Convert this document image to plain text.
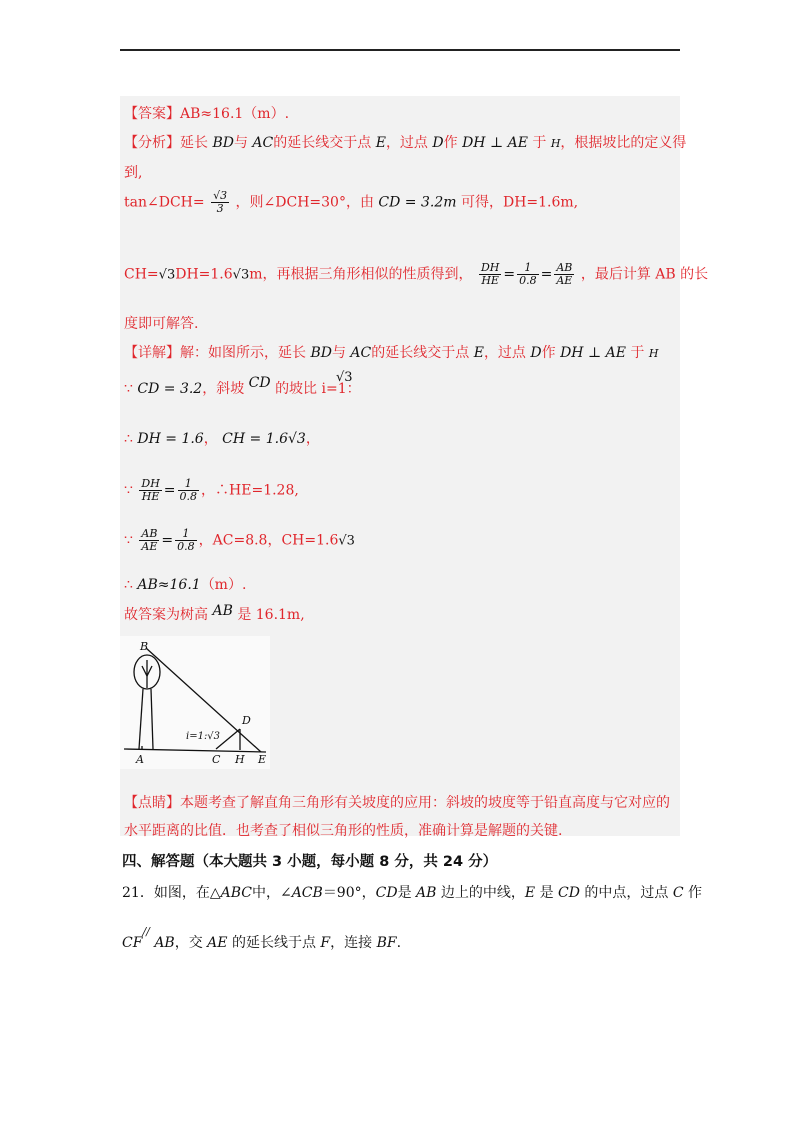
【答案】AB≈16.1（m）.
【分析】延长 BD与 AC的延长线交于点 E，过点 D作 DH ⊥ AE 于 H，根据坡比的定义得
到,
tan∠DCH= $\frac{√3}{3}$ ，则∠DCH=30°，由 CD = 3.2m 可得，DH=1.6m,
CH=√3DH=1.6√3m，再根据三角形相似的性质得到， $\frac{DH}{HE} = \frac{1}{0.8} = \frac{AB}{AE}$ ，最后计算 AB 的长
度即可解答.
【详解】解：如图所示，延长 BD与 AC的延长线交于点 E，过点 D作 DH ⊥ AE 于 H
∵ CD = 3.2，斜坡 CD 的坡比 i=1：
√3
∴ DH = 1.6， CH = 1.6√3，
∵ $\frac{DH}{HE} = \frac{1}{0.8}$ ，∴HE=1.28,
∵ $\frac{AB}{AE} = \frac{1}{0.8}$ ，AC=8.8，CH=1.6√3
∴ AB≈16.1（m）.
故答案为树高 AB 是 16.1m,
B
D
A	C H E
i=1:√3
【点睛】本题考查了解直角三角形有关坡度的应用：斜坡的坡度等于铅直高度与它对应的
水平距离的比值．也考查了相似三角形的性质，准确计算是解题的关键.
四、解答题（本大题共 3 小题，每小题 8 分，共 24 分）
21．如图，在△ABC中，∠ACB＝90°，CD是 AB 边上的中线，E 是 CD 的中点，过点 C 作
CF// AB，交 AE 的延长线于点 F，连接 BF.
